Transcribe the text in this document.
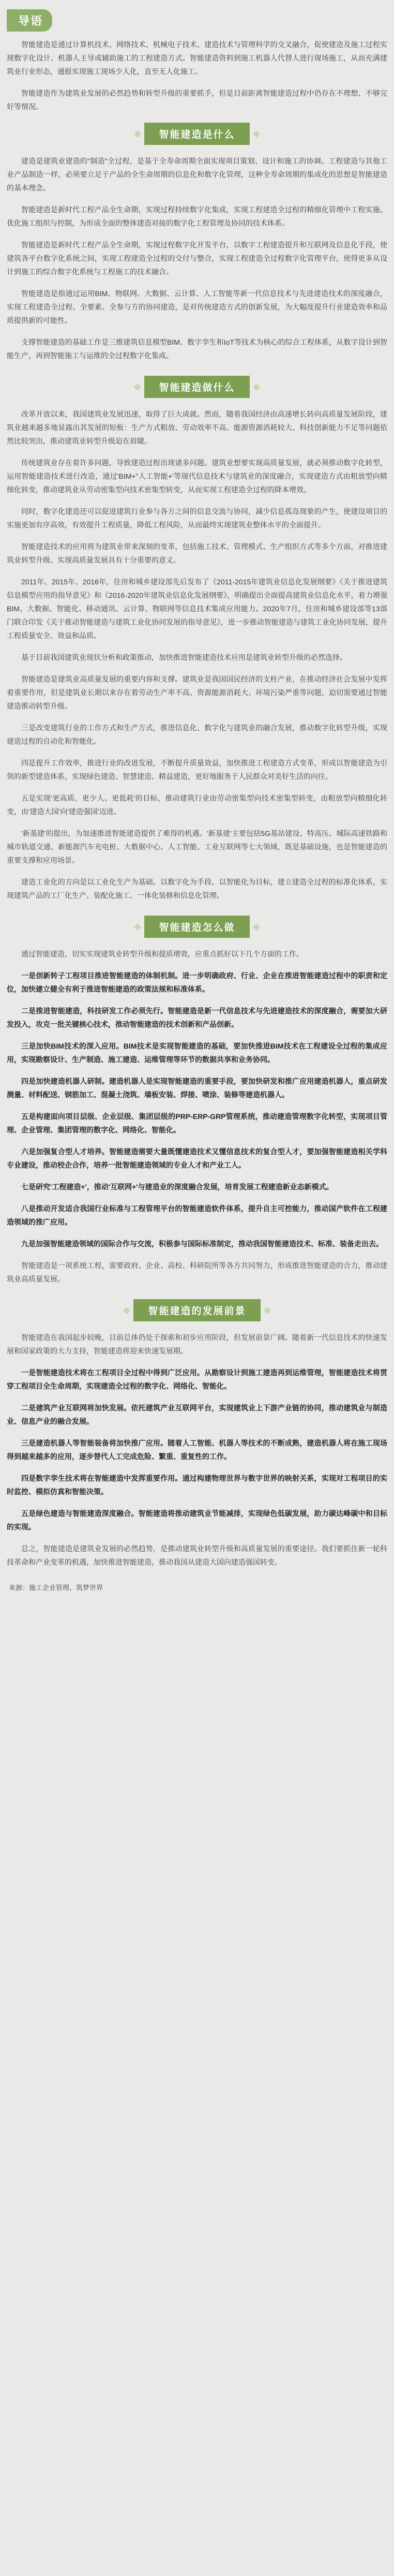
导语

智能建造是通过计算机技术、网络技术、机械电子技术、建造技术与管理科学的交叉融合，促使建造及施工过程实现数字化设计、机器人主导或辅助施工的工程建造方式。智能建造资料到施工机器人代替人进行现场施工，从而充满建筑业行业形态，通报实现施工现场少人化，直至无人化施工。

智能建造作为建筑业发展的必然趋势和转型升级的重要抓手，但是目前距离智能建造过程中仍存在不理想、不够完好等情况。

智能建造是什么

建造是建筑业建造的"制造"全过程，是基于全寿命周期全面实现项目策划、设计和施工的协调。工程建造与其他工业产品制造一样，必须要立足于产品的全生命周期的信息化和数字化管理，这种全寿命周期的集成化的思想是智能建造的基本理念。

智能建造是新时代工程产品全生命期，实现过程持续数字化集成，实现工程建造全过程的精细化管理中工程实施、优化施工组织与控制，为形成全面的整体建造对接的数字化工程管理及协同的技术体系。

智能建造是新时代工程产品全生命期，实现过程数字化开发平台，以数字工程建造提升和互联网及信息化手段，使建筑各平台数字化系统之间，实现工程建造全过程的交付与整合，实现工程建造全过程数字化管理平台，使得更多从设计到施工的综合数字化系统与工程施工的技术融合。

智能建造是指通过运用BIM、物联网、大数据、云计算、人工智能等新一代信息技术与先进建造技术的深度融合，实现工程建造全过程、全要素、全参与方的协同建造，是对传统建造方式的创新发展，为大幅度提升行业建造效率和品质提供新的可能性。

支撑智能建造的基础工作是三维建筑信息模型BIM、数字孪生和IoT等技术为核心的综合工程体系，从数字设计到智能生产，再到智能施工与运维的全过程数字化集成。

智能建造做什么

改革开放以来，我国建筑业发展迅速，取得了巨大成就。然而，随着我国经济由高速增长转向高质量发展阶段，建筑业越来越多地显露出其发展的短板：生产方式粗放、劳动效率不高、能源资源消耗较大、科技创新能力不足等问题依然比较突出，推动建筑业转型升级迫在眉睫。

传统建筑业存在着许多问题，导致建造过程出现诸多问题。建筑业想要实现高质量发展，就必须推动数字化转型，运用智能建造技术进行改造，通过'BIM+''人工智能+'等现代信息技术与建筑业的深度融合，实现建造方式由粗放型向精细化转变，推动建筑业从劳动密集型向技术密集型转变，从而实现工程建造全过程的降本增效。

同时，数字化建造还可以促进建筑行业参与各方之间的信息交流与协同，减少信息孤岛现象的产生，使建设项目的实施更加有序高效，有效提升工程质量，降低工程风险，从而最终实现建筑业整体水平的全面提升。

智能建造技术的应用将为建筑业带来深刻的变革，包括施工技术、管理模式、生产组织方式等多个方面，对推进建筑业转型升级、实现高质量发展具有十分重要的意义。

2011年、2015年、2016年，住房和城乡建设部先后发布了《2011-2015年建筑业信息化发展纲要》《关于推进建筑信息模型应用的指导意见》和《2016-2020年建筑业信息化发展纲要》，明确提出全面提高建筑业信息化水平，着力增强BIM、大数据、智能化、移动通讯、云计算、物联网等信息技术集成应用能力。2020年7月，住房和城乡建设部等13部门联合印发《关于推动智能建造与建筑工业化协同发展的指导意见》，进一步推动智能建造与建筑工业化协同发展，提升工程质量安全、效益和品质。

基于目前我国建筑业现状分析和政策推动，加快推进智能建造技术应用是建筑业转型升级的必然选择。

智能建造是建筑业高质量发展的重要内容和支撑。建筑业是我国国民经济的支柱产业，在推动经济社会发展中发挥着重要作用，但是建筑业长期以来存在着劳动生产率不高、资源能源消耗大、环境污染严重等问题，迫切需要通过智能建造推动转型升级。

三是改变建筑行业的工作方式和生产方式，推进信息化、数字化与建筑业的融合发展，推动数字化转型升级，实现建造过程的自动化和智能化。

四是提升工作效率，推进行业的改进发展，不断提升质量效益，加快推进工程建造方式变革，形成以智能建造为引领的新型建造体系，实现绿色建造、智慧建造、精益建造，更好地服务于人民群众对美好生活的向往。

五是实现'更高质、更少人、更低耗'的目标，推动建筑行业由劳动密集型向技术密集型转变，由粗放型向精细化转变，由'建造大国'向'建造强国'迈进。

'新基建'的提出，为加速推进智能建造提供了难得的机遇。'新基建'主要包括5G基站建设、特高压、城际高速铁路和城市轨道交通、新能源汽车充电桩、大数据中心、人工智能、工业互联网等七大领域，既是基础设施，也是智能建造的重要支撑和应用场景。

建造工业化的方向是以工业化生产为基础、以数字化为手段、以智能化为目标，建立建造全过程的标准化体系，实现建筑产品的工厂化生产、装配化施工、一体化装修和信息化管理。

智能建造怎么做

通过智能建造，切实实现建筑业转型升级和提质增效，应重点抓好以下几个方面的工作。

一是创新转子工程项目推进智能建造的体制机制。进一步明确政府、行业、企业在推进智能建造过程中的职责和定位，加快建立健全有利于推进智能建造的政策法规和标准体系。

二是推进智能建造，科技研发工作必须先行。智能建造是新一代信息技术与先进建造技术的深度融合，需要加大研发投入，攻克一批关键核心技术，推动智能建造的技术创新和产品创新。

三是加快BIM技术的深入应用。BIM技术是实现智能建造的基础，要加快推进BIM技术在工程建设全过程的集成应用，实现勘察设计、生产制造、施工建造、运维管理等环节的数据共享和业务协同。

四是加快建造机器人研制。建造机器人是实现智能建造的重要手段，要加快研发和推广应用建造机器人，重点研发测量、材料配送、钢筋加工、混凝土浇筑、墙板安装、焊接、喷涂、装修等建造机器人。

五是构建面向项目层级、企业层级、集团层级的PRP-ERP-GRP管理系统，推动建造管理数字化转型，实现项目管理、企业管理、集团管理的数字化、网络化、智能化。

六是加强复合型人才培养。智能建造需要大量既懂建造技术又懂信息技术的复合型人才，要加强智能建造相关学科专业建设，推动校企合作，培养一批智能建造领域的专业人才和产业工人。

七是研究'工程建造+'，推动'互联网+'与建造业的深度融合发展，培育发展工程建造新业态新模式。

八是推动开发适合我国行业标准与工程管理平台的智能建造软件体系，提升自主可控能力，推动国产软件在工程建造领域的推广应用。

九是加强智能建造领域的国际合作与交流，积极参与国际标准制定，推动我国智能建造技术、标准、装备走出去。

智能建造是一项系统工程，需要政府、企业、高校、科研院所等各方共同努力，形成推进智能建造的合力，推动建筑业高质量发展。

智能建造的发展前景

智能建造在我国起步较晚，目前总体仍处于探索和初步应用阶段，但发展前景广阔。随着新一代信息技术的快速发展和国家政策的大力支持，智能建造将迎来快速发展期。

一是智能建造技术将在工程项目全过程中得到广泛应用。从勘察设计到施工建造再到运维管理，智能建造技术将贯穿工程项目全生命周期，实现建造全过程的数字化、网络化、智能化。

二是建筑产业互联网将加快发展。依托建筑产业互联网平台，实现建筑业上下游产业链的协同，推动建筑业与制造业、信息产业的融合发展。

三是建造机器人等智能装备将加快推广应用。随着人工智能、机器人等技术的不断成熟，建造机器人将在施工现场得到越来越多的应用，逐步替代人工完成危险、繁重、重复性的工作。

四是数字孪生技术将在智能建造中发挥重要作用。通过构建物理世界与数字世界的映射关系，实现对工程项目的实时监控、模拟仿真和智能决策。

五是绿色建造与智能建造深度融合。智能建造将推动建筑业节能减排，实现绿色低碳发展，助力碳达峰碳中和目标的实现。

总之，智能建造是建筑业发展的必然趋势，是推动建筑业转型升级和高质量发展的重要途径。我们要抓住新一轮科技革命和产业变革的机遇，加快推进智能建造，推动我国从建造大国向建造强国转变。

来源：施工企业管理、筑梦世界
